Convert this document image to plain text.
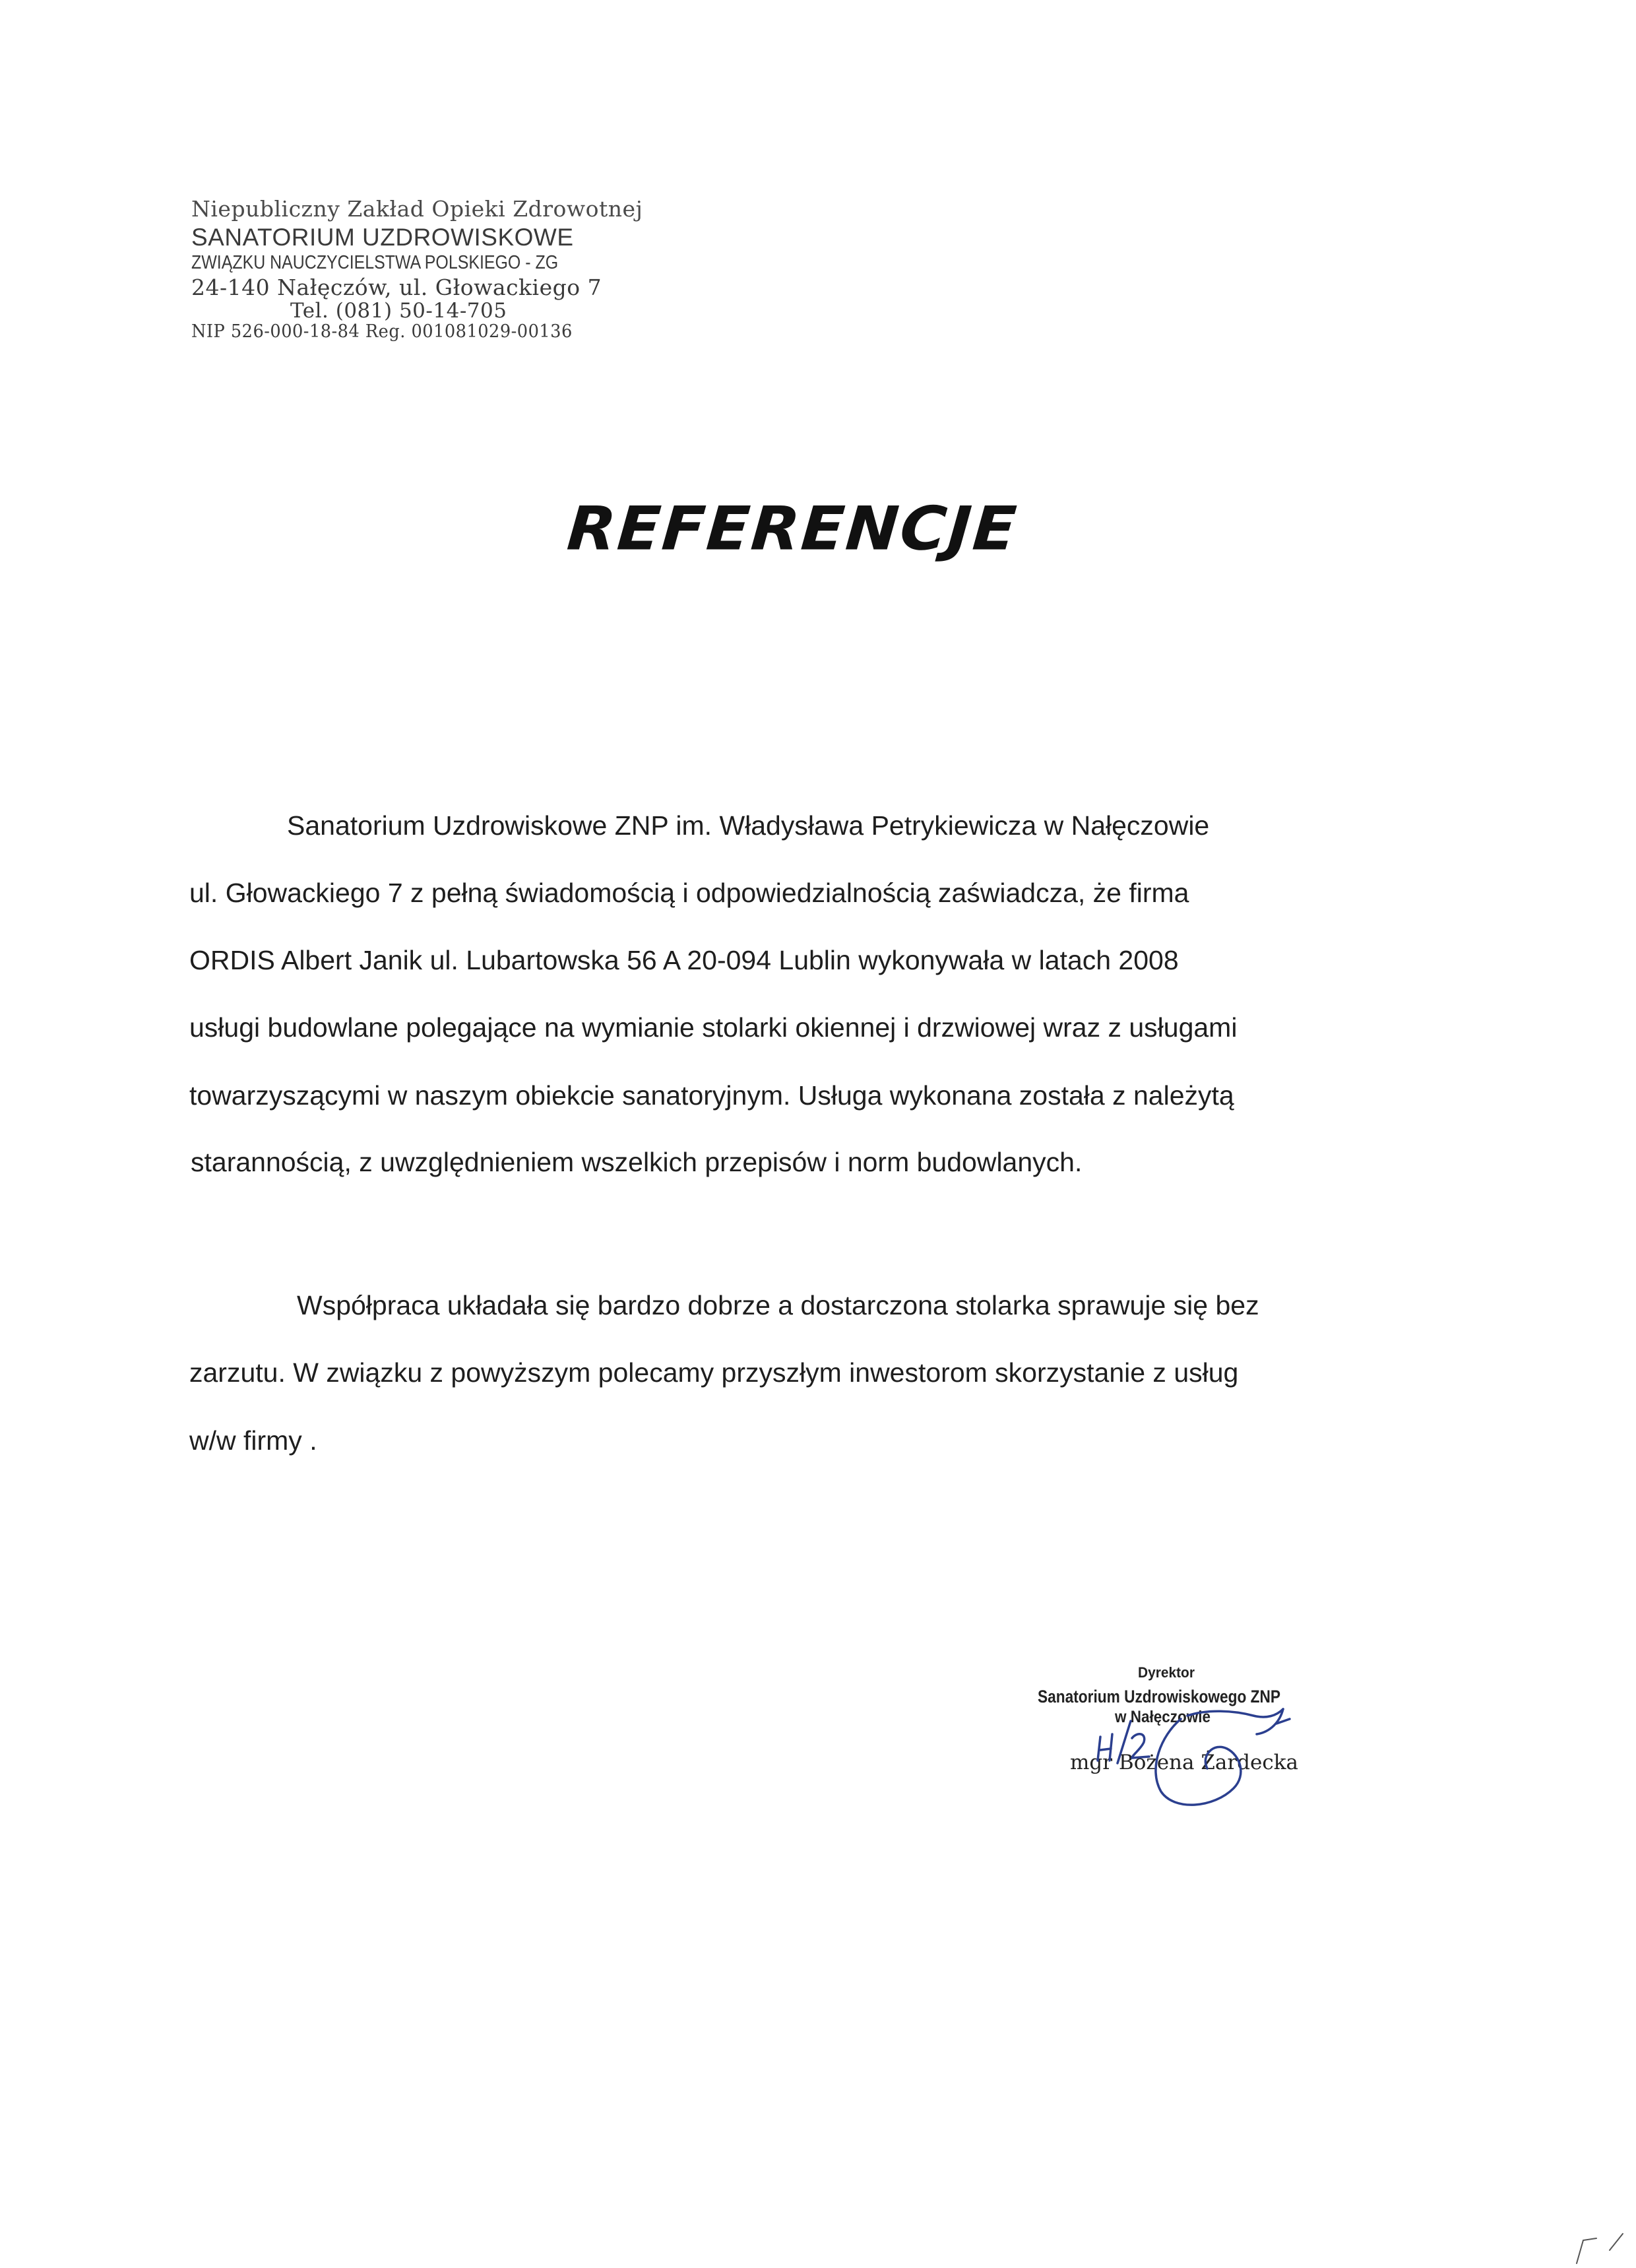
Niepubliczny Zakład Opieki Zdrowotnej
SANATORIUM UZDROWISKOWE
ZWIĄZKU NAUCZYCIELSTWA POLSKIEGO - ZG
24-140 Nałęczów, ul. Głowackiego 7
Tel. (081) 50-14-705
NIP 526-000-18-84 Reg. 001081029-00136
REFERENCJE
Sanatorium Uzdrowiskowe ZNP im. Władysława Petrykiewicza w Nałęczowie
ul. Głowackiego 7 z pełną świadomością i odpowiedzialnością zaświadcza, że firma
ORDIS Albert Janik ul. Lubartowska 56 A 20-094 Lublin wykonywała w latach 2008
usługi budowlane polegające na wymianie stolarki okiennej i drzwiowej wraz z usługami
towarzyszącymi w naszym obiekcie sanatoryjnym. Usługa wykonana została z należytą
starannością, z uwzględnieniem wszelkich przepisów i norm budowlanych.
Współpraca układała się bardzo dobrze a dostarczona stolarka sprawuje się bez
zarzutu. W związku z powyższym polecamy przyszłym inwestorom skorzystanie z usług
w/w firmy .
Dyrektor
Sanatorium Uzdrowiskowego ZNP
w Nałęczowie
mgr Bożena Żardecka
